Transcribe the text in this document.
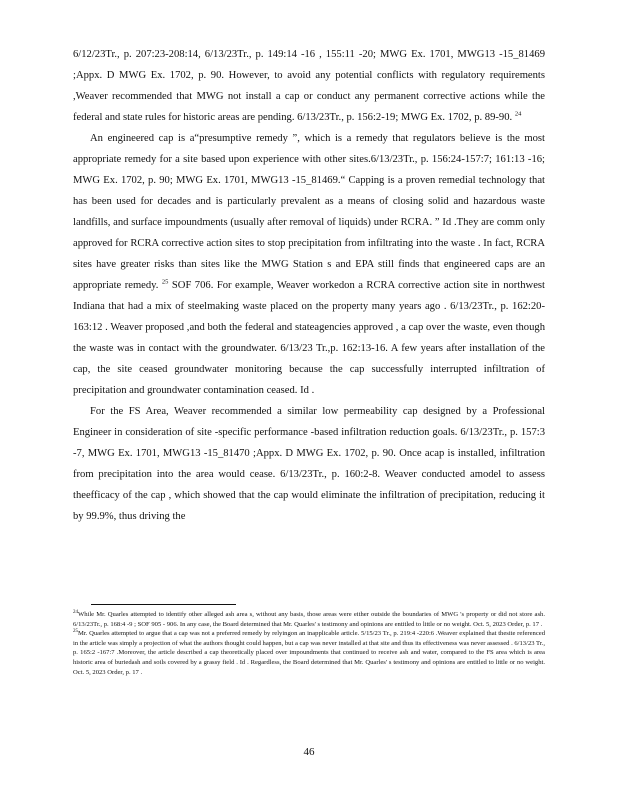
6/12/23Tr., p. 207:23-208:14, 6/13/23Tr., p. 149:14 -16 , 155:11 -20; MWG Ex. 1701, MWG13 -15_81469 ;Appx. D MWG Ex. 1702, p. 90. However, to avoid any potential conflicts with regulatory requirements ,Weaver recommended that MWG not install a cap or conduct any permanent corrective actions while the federal and state rules for historic areas are pending. 6/13/23Tr., p. 156:2-19; MWG Ex. 1702, p. 89-90. $^{24}$

An engineered cap is a“presumptive remedy ”, which is a remedy that regulators believe is the most appropriate remedy for a site based upon experience with other sites.6/13/23Tr., p. 156:24-157:7; 161:13 -16; MWG Ex. 1702, p. 90; MWG Ex. 1701, MWG13 -15_81469.“ Capping is a proven remedial technology that has been used for decades and is particularly prevalent as a means of closing solid and hazardous waste landfills, and surface impoundments (usually after removal of liquids) under RCRA. ” Id .They are comm only approved for RCRA corrective action sites to stop precipitation from infiltrating into the waste . In fact, RCRA sites have greater risks than sites like the MWG Station s and EPA still finds that engineered caps are an appropriate remedy. $^{25}$ SOF 706. For example, Weaver workedon a RCRA corrective action site in northwest Indiana that had a mix of steelmaking waste placed on the property many years ago . 6/13/23Tr., p. 162:20-163:12 . Weaver proposed ,and both the federal and stateagencies approved , a cap over the waste, even though the waste was in contact with the groundwater. 6/13/23 Tr.,p. 162:13-16. A few years after installation of the cap, the site ceased groundwater monitoring because the cap successfully interrupted infiltration of precipitation and groundwater contamination ceased. Id .

For the FS Area, Weaver recommended a similar low permeability cap designed by a Professional Engineer in consideration of site -specific performance -based infiltration reduction goals. 6/13/23Tr., p. 157:3 -7, MWG Ex. 1701, MWG13 -15_81470 ;Appx. D MWG Ex. 1702, p. 90. Once acap is installed, infiltration from precipitation into the area would cease. 6/13/23Tr., p. 160:2-8. Weaver conducted amodel to assess theefficacy of the cap , which showed that the cap would eliminate the infiltration of precipitation, reducing it by 99.9%, thus driving the

$^{24}$While Mr. Quarles attempted to identify other alleged ash area s, without any basis, those areas were either outside the boundaries of MWG 's property or did not store ash. 6/13/23Tr., p. 168:4 -9 ; SOF 905 - 906. In any case, the Board determined that Mr. Quarles' s testimony and opinions are entitled to little or no weight. Oct. 5, 2023 Order, p. 17 .

$^{25}$Mr. Quarles attempted to argue that a cap was not a preferred remedy by relyingon an inapplicable article. 5/15/23 Tr., p. 219:4 -220:6 .Weaver explained that thesite referenced in the article was simply a projection of what the authors thought could happen, but a cap was never installed at that site and thus its effectiveness was never assessed . 6/13/23 Tr., p. 165:2 -167:7 .Moreover, the article described a cap theoretically placed over impoundments that continued to receive ash and water, compared to the FS area which is area historic area of buriedash and soils covered by a grassy field . Id . Regardless, the Board determined that Mr. Quarles' s testimony and opinions are entitled to little or no weight. Oct. 5, 2023 Order, p. 17 .

46
